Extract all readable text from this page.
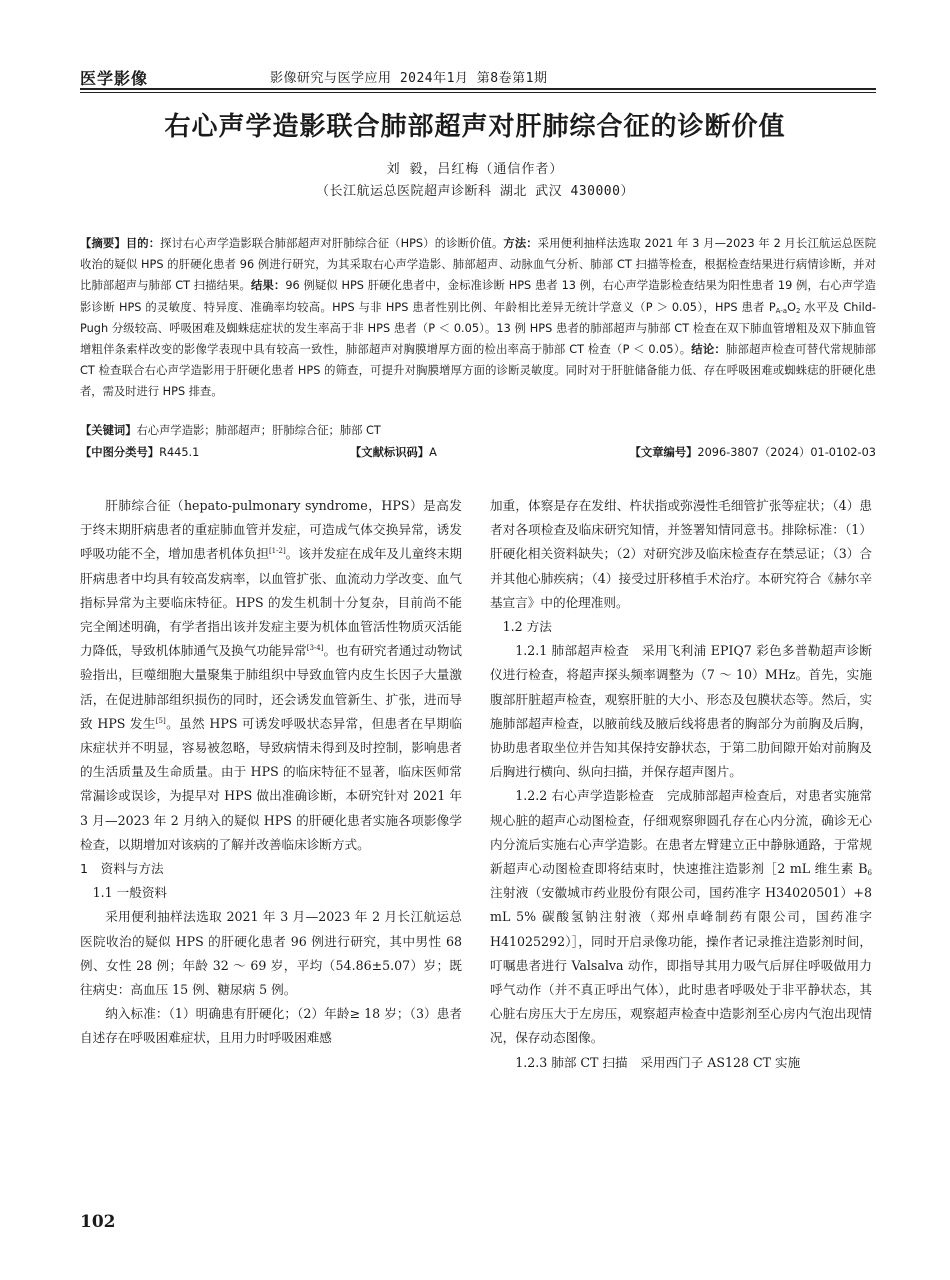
医学影像	影像研究与医学应用 2024年1月 第8卷第1期
右心声学造影联合肺部超声对肝肺综合征的诊断价值
刘 毅，吕红梅（通信作者）
（长江航运总医院超声诊断科 湖北 武汉 430000）
【摘要】目的：探讨右心声学造影联合肺部超声对肝肺综合征（HPS）的诊断价值。方法：采用便利抽样法选取 2021 年 3 月—2023 年 2 月长江航运总医院收治的疑似 HPS 的肝硬化患者 96 例进行研究，为其采取右心声学造影、肺部超声、动脉血气分析、肺部 CT 扫描等检查，根据检查结果进行病情诊断，并对比肺部超声与肺部 CT 扫描结果。结果：96 例疑似 HPS 肝硬化患者中，金标准诊断 HPS 患者 13 例，右心声学造影检查结果为阳性患者 19 例，右心声学造影诊断 HPS 的灵敏度、特异度、准确率均较高。HPS 与非 HPS 患者性别比例、年龄相比差异无统计学意义（P ＞ 0.05），HPS 患者 $P_{A-a}O_2$ 水平及 Child-Pugh 分级较高、呼吸困难及蜘蛛痣症状的发生率高于非 HPS 患者（P ＜ 0.05）。13 例 HPS 患者的肺部超声与肺部 CT 检查在双下肺血管增粗及双下肺血管增粗伴条索样改变的影像学表现中具有较高一致性，肺部超声对胸膜增厚方面的检出率高于肺部 CT 检查（P ＜ 0.05）。结论：肺部超声检查可替代常规肺部 CT 检查联合右心声学造影用于肝硬化患者 HPS 的筛查，可提升对胸膜增厚方面的诊断灵敏度。同时对于肝脏储备能力低、存在呼吸困难或蜘蛛痣的肝硬化患者，需及时进行 HPS 排查。
【关键词】右心声学造影；肺部超声；肝肺综合征；肺部 CT
【中图分类号】R445.1	【文献标识码】A	【文章编号】2096-3807（2024）01-0102-03

肝肺综合征（hepato-pulmonary syndrome，HPS）是高发于终末期肝病患者的重症肺血管并发症，可造成气体交换异常，诱发呼吸功能不全，增加患者机体负担[1-2]。该并发症在成年及儿童终末期肝病患者中均具有较高发病率，以血管扩张、血流动力学改变、血气指标异常为主要临床特征。HPS 的发生机制十分复杂，目前尚不能完全阐述明确，有学者指出该并发症主要为机体血管活性物质灭活能力降低，导致机体肺通气及换气功能异常[3-4]。也有研究者通过动物试验指出，巨噬细胞大量聚集于肺组织中导致血管内皮生长因子大量激活，在促进肺部组织损伤的同时，还会诱发血管新生、扩张，进而导致 HPS 发生[5]。虽然 HPS 可诱发呼吸状态异常，但患者在早期临床症状并不明显，容易被忽略，导致病情未得到及时控制，影响患者的生活质量及生命质量。由于 HPS 的临床特征不显著，临床医师常常漏诊或误诊，为提早对 HPS 做出准确诊断，本研究针对 2021 年 3 月—2023 年 2 月纳入的疑似 HPS 的肝硬化患者实施各项影像学检查，以期增加对该病的了解并改善临床诊断方式。

1　资料与方法

1.1 一般资料

采用便利抽样法选取 2021 年 3 月—2023 年 2 月长江航运总医院收治的疑似 HPS 的肝硬化患者 96 例进行研究，其中男性 68 例、女性 28 例；年龄 32 ～ 69 岁，平均（54.86±5.07）岁；既往病史：高血压 15 例、糖尿病 5 例。

纳入标准：（1）明确患有肝硬化；（2）年龄≥ 18 岁；（3）患者自述存在呼吸困难症状，且用力时呼吸困难感

加重，体察是存在发绀、杵状指或弥漫性毛细管扩张等症状；（4）患者对各项检查及临床研究知情，并签署知情同意书。排除标准：（1）肝硬化相关资料缺失；（2）对研究涉及临床检查存在禁忌证；（3）合并其他心肺疾病；（4）接受过肝移植手术治疗。本研究符合《赫尔辛基宣言》中的伦理准则。

1.2 方法

1.2.1 肺部超声检查　 采用飞利浦 EPIQ7 彩色多普勒超声诊断仪进行检查，将超声探头频率调整为（7 ～ 10）MHz。首先，实施腹部肝脏超声检查，观察肝脏的大小、形态及包膜状态等。然后，实施肺部超声检查，以腋前线及腋后线将患者的胸部分为前胸及后胸，协助患者取坐位并告知其保持安静状态，于第二肋间隙开始对前胸及后胸进行横向、纵向扫描，并保存超声图片。

1.2.2 右心声学造影检查　 完成肺部超声检查后，对患者实施常规心脏的超声心动图检查，仔细观察卵圆孔存在心内分流，确诊无心内分流后实施右心声学造影。在患者左臂建立正中静脉通路，于常规新超声心动图检查即将结束时，快速推注造影剂［2 mL 维生素 $B_6$ 注射液（安徽城市药业股份有限公司，国药准字 H34020501）+8 mL 5% 碳酸氢钠注射液（郑州卓峰制药有限公司，国药准字 H41025292）］，同时开启录像功能，操作者记录推注造影剂时间，叮嘱患者进行 Valsalva 动作，即指导其用力吸气后屏住呼吸做用力呼气动作（并不真正呼出气体），此时患者呼吸处于非平静状态，其心脏右房压大于左房压，观察超声检查中造影剂至心房内气泡出现情况，保存动态图像。

1.2.3 肺部 CT 扫描　 采用西门子 AS128 CT 实施

102
